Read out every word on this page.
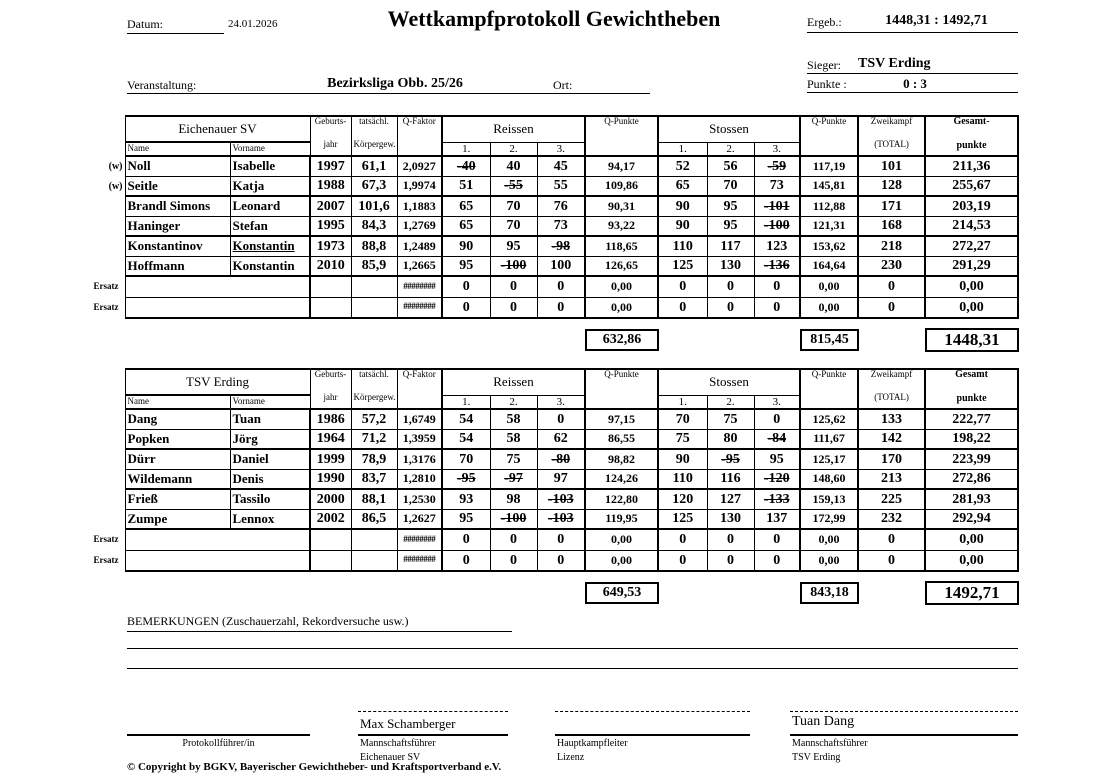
Datum:	24.01.2026	Wettkampfprotokoll Gewichtheben	Ergeb.:	1448,31 : 1492,71
Sieger: TSV Erding
Punkte :	0 : 3
Veranstaltung:	Bezirksliga Obb. 25/26	Ort:
	Eichenauer SV	Geburts-
jahr

tatsächl.
Körpergew.
	Q-Faktor	Reissen	Q-Punkte	Stossen	Q-Punkte	Zweikampf
(TOTAL)

Gesamt-
punkte

	Name	Vorname				1.	2.	3.		1.	2.	3.			
(w)	Noll	Isabelle	1997	61,1	2,0927	-40	40	45	94,17	52	56	-59	117,19	101	211,36
(w)	Seitle	Katja	1988	67,3	1,9974	51	-55	55	109,86	65	70	73	145,81	128	255,67
	Brandl Simons	Leonard	2007	101,6	1,1883	65	70	76	90,31	90	95	-101	112,88	171	203,19
	Haninger	Stefan	1995	84,3	1,2769	65	70	73	93,22	90	95	-100	121,31	168	214,53
	Konstantinov	Konstantin	1973	88,8	1,2489	90	95	-98	118,65	110	117	123	153,62	218	272,27
	Hoffmann	Konstantin	2010	85,9	1,2665	95	-100	100	126,65	125	130	-136	164,64	230	291,29
Ersatz					########	0	0	0	0,00	0	0	0	0,00	0	0,00
Ersatz					########	0	0	0	0,00	0	0	0	0,00	0	0,00
632,86	815,45	1448,31
	TSV Erding	Geburts-
jahr

tatsächl.
Körpergew.
	Q-Faktor	Reissen	Q-Punkte	Stossen	Q-Punkte	Zweikampf
(TOTAL)

Gesamt
punkte

	Name	Vorname				1.	2.	3.		1.	2.	3.			
	Dang	Tuan	1986	57,2	1,6749	54	58	0	97,15	70	75	0	125,62	133	222,77
	Popken	Jörg	1964	71,2	1,3959	54	58	62	86,55	75	80	-84	111,67	142	198,22
	Dürr	Daniel	1999	78,9	1,3176	70	75	-80	98,82	90	-95	95	125,17	170	223,99
	Wildemann	Denis	1990	83,7	1,2810	-95	-97	97	124,26	110	116	-120	148,60	213	272,86
	Frieß	Tassilo	2000	88,1	1,2530	93	98	-103	122,80	120	127	-133	159,13	225	281,93
	Zumpe	Lennox	2002	86,5	1,2627	95	-100	-103	119,95	125	130	137	172,99	232	292,94
Ersatz					########	0	0	0	0,00	0	0	0	0,00	0	0,00
Ersatz					########	0	0	0	0,00	0	0	0	0,00	0	0,00
649,53	843,18	1492,71
BEMERKUNGEN (Zuschauerzahl, Rekordversuche usw.)
Protokollführer/in
Max Schamberger
Mannschaftsführer
Eichenauer SV
Hauptkampfleiter
Lizenz
Tuan Dang
Mannschaftsführer
TSV Erding
© Copyright by BGKV, Bayerischer Gewichtheber- und Kraftsportverband e.V.
